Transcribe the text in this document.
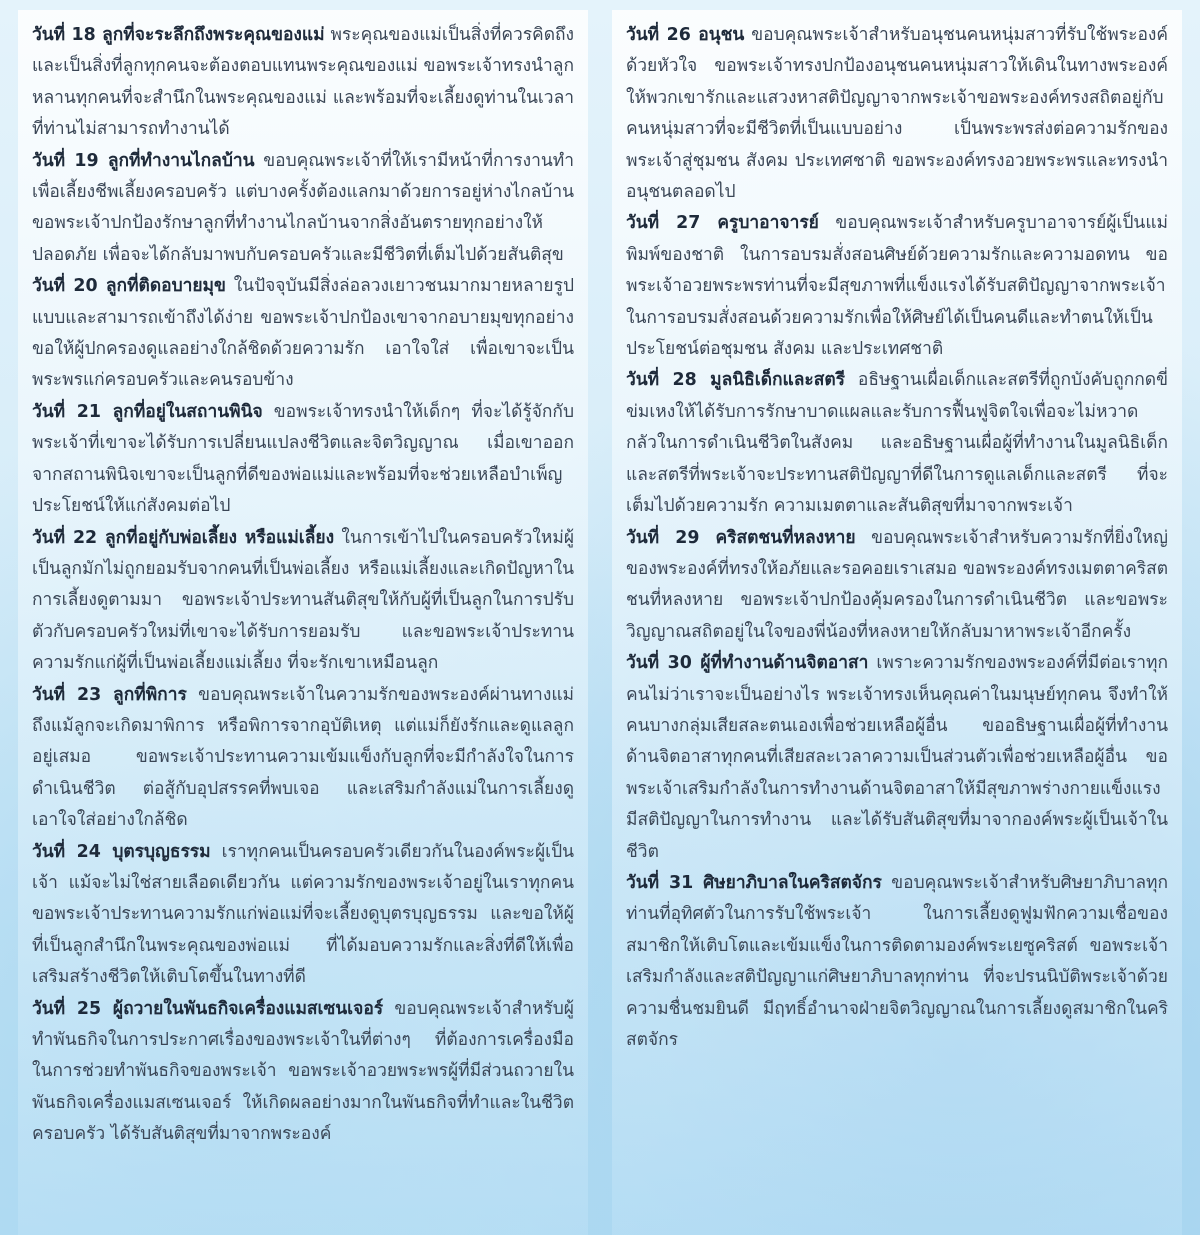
วันที่ 18 ลูกที่จะระลึกถึงพระคุณของแม่ พระคุณของแม่เป็นสิ่งที่ควรคิดถึงและเป็นสิ่งที่ลูกทุกคนจะต้องตอบแทนพระคุณของแม่ ขอพระเจ้าทรงนำลูกหลานทุกคนที่จะสำนึกในพระคุณของแม่ และพร้อมที่จะเลี้ยงดูท่านในเวลาที่ท่านไม่สามารถทำงานได้

วันที่ 19 ลูกที่ทำงานไกลบ้าน ขอบคุณพระเจ้าที่ให้เรามีหน้าที่การงานทำเพื่อเลี้ยงชีพเลี้ยงครอบครัว แต่บางครั้งต้องแลกมาด้วยการอยู่ห่างไกลบ้าน ขอพระเจ้าปกป้องรักษาลูกที่ทำงานไกลบ้านจากสิ่งอันตรายทุกอย่างให้ปลอดภัย เพื่อจะได้กลับมาพบกับครอบครัวและมีชีวิตที่เต็มไปด้วยสันติสุข

วันที่ 20 ลูกที่ติดอบายมุข ในปัจจุบันมีสิ่งล่อลวงเยาวชนมากมายหลายรูปแบบและสามารถเข้าถึงได้ง่าย ขอพระเจ้าปกป้องเขาจากอบายมุขทุกอย่าง ขอให้ผู้ปกครองดูแลอย่างใกล้ชิดด้วยความรัก เอาใจใส่ เพื่อเขาจะเป็นพระพรแก่ครอบครัวและคนรอบข้าง

วันที่ 21 ลูกที่อยู่ในสถานพินิจ ขอพระเจ้าทรงนำให้เด็กๆ ที่จะได้รู้จักกับพระเจ้าที่เขาจะได้รับการเปลี่ยนแปลงชีวิตและจิตวิญญาณ เมื่อเขาออกจากสถานพินิจเขาจะเป็นลูกที่ดีของพ่อแม่และพร้อมที่จะช่วยเหลือบำเพ็ญประโยชน์ให้แก่สังคมต่อไป

วันที่ 22 ลูกที่อยู่กับพ่อเลี้ยง หรือแม่เลี้ยง ในการเข้าไปในครอบครัวใหม่ผู้เป็นลูกมักไม่ถูกยอมรับจากคนที่เป็นพ่อเลี้ยง หรือแม่เลี้ยงและเกิดปัญหาในการเลี้ยงดูตามมา ขอพระเจ้าประทานสันติสุขให้กับผู้ที่เป็นลูกในการปรับตัวกับครอบครัวใหม่ที่เขาจะได้รับการยอมรับ และขอพระเจ้าประทานความรักแก่ผู้ที่เป็นพ่อเลี้ยงแม่เลี้ยง ที่จะรักเขาเหมือนลูก

วันที่ 23 ลูกที่พิการ ขอบคุณพระเจ้าในความรักของพระองค์ผ่านทางแม่ ถึงแม้ลูกจะเกิดมาพิการ หรือพิการจากอุบัติเหตุ แต่แม่ก็ยังรักและดูแลลูกอยู่เสมอ ขอพระเจ้าประทานความเข้มแข็งกับลูกที่จะมีกำลังใจในการดำเนินชีวิต ต่อสู้กับอุปสรรคที่พบเจอ และเสริมกำลังแม่ในการเลี้ยงดูเอาใจใส่อย่างใกล้ชิด

วันที่ 24 บุตรบุญธรรม เราทุกคนเป็นครอบครัวเดียวกันในองค์พระผู้เป็นเจ้า แม้จะไม่ใช่สายเลือดเดียวกัน แต่ความรักของพระเจ้าอยู่ในเราทุกคน ขอพระเจ้าประทานความรักแก่พ่อแม่ที่จะเลี้ยงดูบุตรบุญธรรม และขอให้ผู้ที่เป็นลูกสำนึกในพระคุณของพ่อแม่ ที่ได้มอบความรักและสิ่งที่ดีให้เพื่อเสริมสร้างชีวิตให้เติบโตขึ้นในทางที่ดี

วันที่ 25 ผู้ถวายในพันธกิจเครื่องแมสเซนเจอร์ ขอบคุณพระเจ้าสำหรับผู้ทำพันธกิจในการประกาศเรื่องของพระเจ้าในที่ต่างๆ ที่ต้องการเครื่องมือในการช่วยทำพันธกิจของพระเจ้า ขอพระเจ้าอวยพระพรผู้ที่มีส่วนถวายในพันธกิจเครื่องแมสเซนเจอร์ ให้เกิดผลอย่างมากในพันธกิจที่ทำและในชีวิตครอบครัว ได้รับสันติสุขที่มาจากพระองค์

วันที่ 26 อนุชน ขอบคุณพระเจ้าสำหรับอนุชนคนหนุ่มสาวที่รับใช้พระองค์ด้วยหัวใจ ขอพระเจ้าทรงปกป้องอนุชนคนหนุ่มสาวให้เดินในทางพระองค์ให้พวกเขารักและแสวงหาสติปัญญาจากพระเจ้าขอพระองค์ทรงสถิตอยู่กับคนหนุ่มสาวที่จะมีชีวิตที่เป็นแบบอย่าง เป็นพระพรส่งต่อความรักของพระเจ้าสู่ชุมชน สังคม ประเทศชาติ ขอพระองค์ทรงอวยพระพรและทรงนำอนุชนตลอดไป

วันที่ 27 ครูบาอาจารย์ ขอบคุณพระเจ้าสำหรับครูบาอาจารย์ผู้เป็นแม่พิมพ์ของชาติ ในการอบรมสั่งสอนศิษย์ด้วยความรักและความอดทน ขอพระเจ้าอวยพระพรท่านที่จะมีสุขภาพที่แข็งแรงได้รับสติปัญญาจากพระเจ้า ในการอบรมสั่งสอนด้วยความรักเพื่อให้ศิษย์ได้เป็นคนดีและทำตนให้เป็นประโยชน์ต่อชุมชน สังคม และประเทศชาติ

วันที่ 28 มูลนิธิเด็กและสตรี อธิษฐานเผื่อเด็กและสตรีที่ถูกบังคับถูกกดขี่ข่มเหงให้ได้รับการรักษาบาดแผลและรับการฟื้นฟูจิตใจเพื่อจะไม่หวาดกลัวในการดำเนินชีวิตในสังคม และอธิษฐานเผื่อผู้ที่ทำงานในมูลนิธิเด็กและสตรีที่พระเจ้าจะประทานสติปัญญาที่ดีในการดูแลเด็กและสตรี ที่จะเต็มไปด้วยความรัก ความเมตตาและสันติสุขที่มาจากพระเจ้า

วันที่ 29 คริสตชนที่หลงหาย ขอบคุณพระเจ้าสำหรับความรักที่ยิ่งใหญ่ของพระองค์ที่ทรงให้อภัยและรอคอยเราเสมอ ขอพระองค์ทรงเมตตาคริสตชนที่หลงหาย ขอพระเจ้าปกป้องคุ้มครองในการดำเนินชีวิต และขอพระวิญญาณสถิตอยู่ในใจของพี่น้องที่หลงหายให้กลับมาหาพระเจ้าอีกครั้ง

วันที่ 30 ผู้ที่ทำงานด้านจิตอาสา เพราะความรักของพระองค์ที่มีต่อเราทุกคนไม่ว่าเราจะเป็นอย่างไร พระเจ้าทรงเห็นคุณค่าในมนุษย์ทุกคน จึงทำให้คนบางกลุ่มเสียสละตนเองเพื่อช่วยเหลือผู้อื่น ขออธิษฐานเผื่อผู้ที่ทำงานด้านจิตอาสาทุกคนที่เสียสละเวลาความเป็นส่วนตัวเพื่อช่วยเหลือผู้อื่น ขอพระเจ้าเสริมกำลังในการทำงานด้านจิตอาสาให้มีสุขภาพร่างกายแข็งแรงมีสติปัญญาในการทำงาน และได้รับสันติสุขที่มาจากองค์พระผู้เป็นเจ้าในชีวิต

วันที่ 31 ศิษยาภิบาลในคริสตจักร ขอบคุณพระเจ้าสำหรับศิษยาภิบาลทุกท่านที่อุทิศตัวในการรับใช้พระเจ้า ในการเลี้ยงดูฟูมฟักความเชื่อของสมาชิกให้เติบโตและเข้มแข็งในการติดตามองค์พระเยซูคริสต์ ขอพระเจ้าเสริมกำลังและสติปัญญาแก่ศิษยาภิบาลทุกท่าน ที่จะปรนนิบัติพระเจ้าด้วยความชื่นชมยินดี มีฤทธิ์อำนาจฝ่ายจิตวิญญาณในการเลี้ยงดูสมาชิกในคริสตจักร
